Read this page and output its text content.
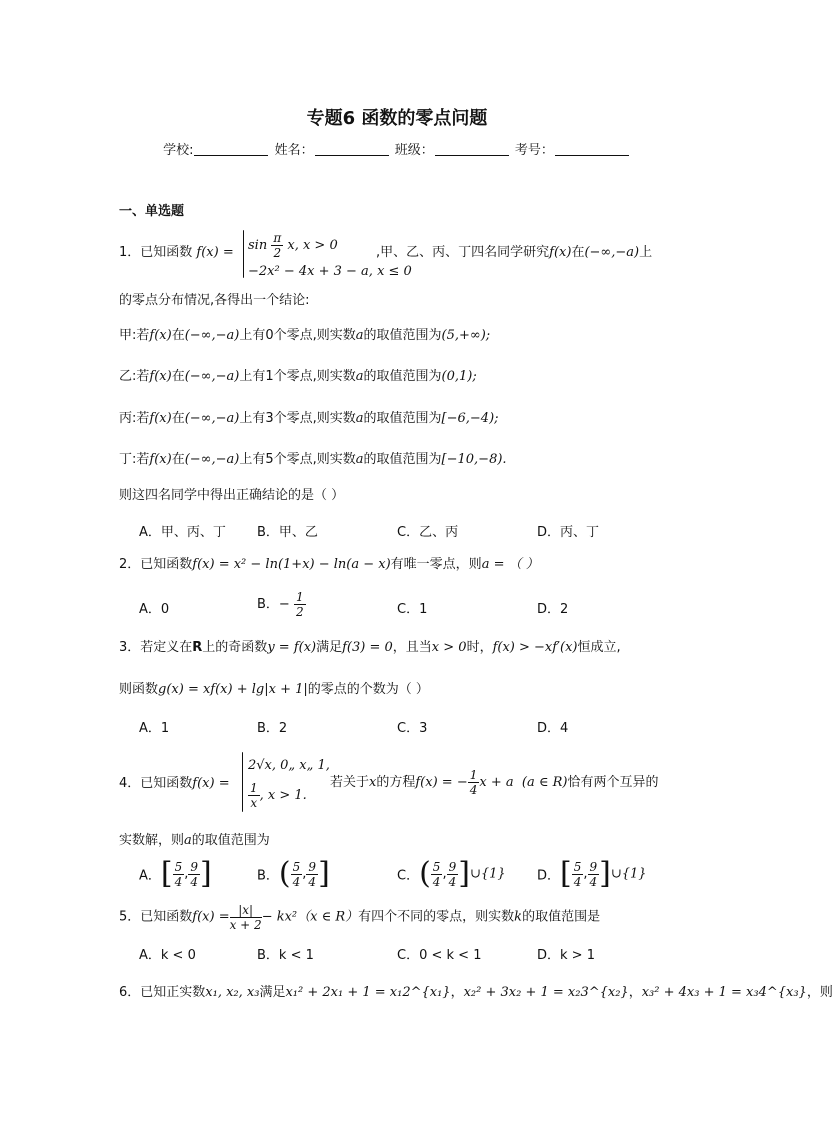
专题6 函数的零点问题
学校:	姓名：	班级：	考号：
一、单选题
1．已知函数 $f(x) = \sin \frac{\pi}{2} x$, x > 0
−2x² − 4x + 3 − a, x ≤ 0
,甲、乙、丙、丁四名同学研究f(x)在(−∞,−a)上
的零点分布情况,各得出一个结论:
甲:若f(x)在(−∞,−a)上有0个零点,则实数a的取值范围为(5,+∞);
乙:若f(x)在(−∞,−a)上有1个零点,则实数a的取值范围为(0,1);
丙:若f(x)在(−∞,−a)上有3个零点,则实数a的取值范围为[−6,−4);
丁:若f(x)在(−∞,−a)上有5个零点,则实数a的取值范围为[−10,−8).
则这四名同学中得出正确结论的是（ ）
A．甲、丙、丁 B．甲、乙	C．乙、丙	D．丙、丁
2．已知函数f(x) = x² − ln(1+x) − ln(a − x)有唯一零点，则a = （ ）
A．0	B．− $\frac{1}{2}$	C．1	D．2
3．若定义在R上的奇函数y = f(x)满足f(3) = 0，且当x > 0时，f(x) > −xf′(x)恒成立,
则函数g(x) = xf(x) + lg|x + 1|的零点的个数为（ ）
A．1	B．2	C．3	D．4
4．已知函数f(x) =
2√x, 0„ x„ 1,
$\frac{1}{x}$ , x > 1.
若关于x的方程f(x) = − $\frac{1}{4}$ x + a (a ∈ R)恰有两个互异的
实数解，则a的取值范围为
A．[ $\frac{5}{4}$ , $\frac{9}{4}$ ]	B．( $\frac{5}{4}$ , $\frac{9}{4}$ ]	C．( $\frac{5}{4}$ , $\frac{9}{4}$ ]∪{1} D．[ $\frac{5}{4}$ , $\frac{9}{4}$ ]∪{1}
5．已知函数$f(x) = \frac{|x|}{x + 2} - kx^2(x$ ∈ R）有四个不同的零点，则实数k的取值范围是
A．k < 0	B．k < 1	C．0 < k < 1	D．k > 1
6．已知正实数x₁, x₂, x₃满足x₁² + 2x₁ + 1 = x₁2^{x₁}，x₂² + 3x₂ + 1 = x₂3^{x₂}，x₃² + 4x₃ + 1 = x₃4^{x₃}，则
